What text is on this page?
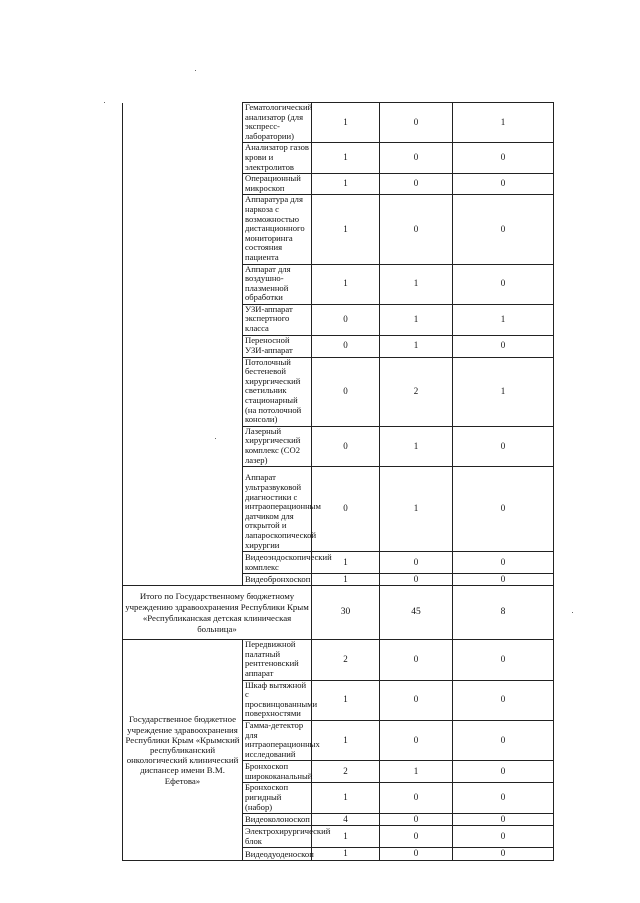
	Гематологический анализатор (для экспресс-лаборатории)	1	0	1
	Анализатор газов крови и электролитов	1	0	0
	Операционный микроскоп	1	0	0
	Аппаратура для наркоза с возможностью дистанционного мониторинга состояния пациента	1	0	0
	Аппарат для воздушно-плазменной обработки	1	1	0
	УЗИ-аппарат экспертного класса	0	1	1
	Переносной УЗИ-аппарат	0	1	0
	Потолочный бестеневой хирургический светильник стационарный (на потолочной консоли)	0	2	1
	Лазерный хирургический комплекс (СО2 лазер)	0	1	0
	Аппарат ультразвуковой диагностики с интраоперационным датчиком для открытой и лапароскопической хирургии	0	1	0
	Видеоэндоскопический комплекс	1	0	0
	Видеобронхоскоп	1	0	0
Итого по Государственному бюджетному учреждению здравоохранения Республики Крым «Республиканская детская клиническая больница»		30	45	8
Государственное бюджетное учреждение здравоохранения Республики Крым «Крымский республиканский онкологический клинический диспансер имени В.М. Ефетова»	Передвижной палатный рентгеновский аппарат	2	0	0
	Шкаф вытяжной с просвинцованными поверхностями	1	0	0
	Гамма-детектор для интраоперационных исследований	1	0	0
	Бронхоскоп ширококанальный	2	1	0
	Бронхоскоп ригидный (набор)	1	0	0
	Видеоколоноскоп	4	0	0
	Электрохирургический блок	1	0	0
	Видеодуоденоскоп	1	0	0
